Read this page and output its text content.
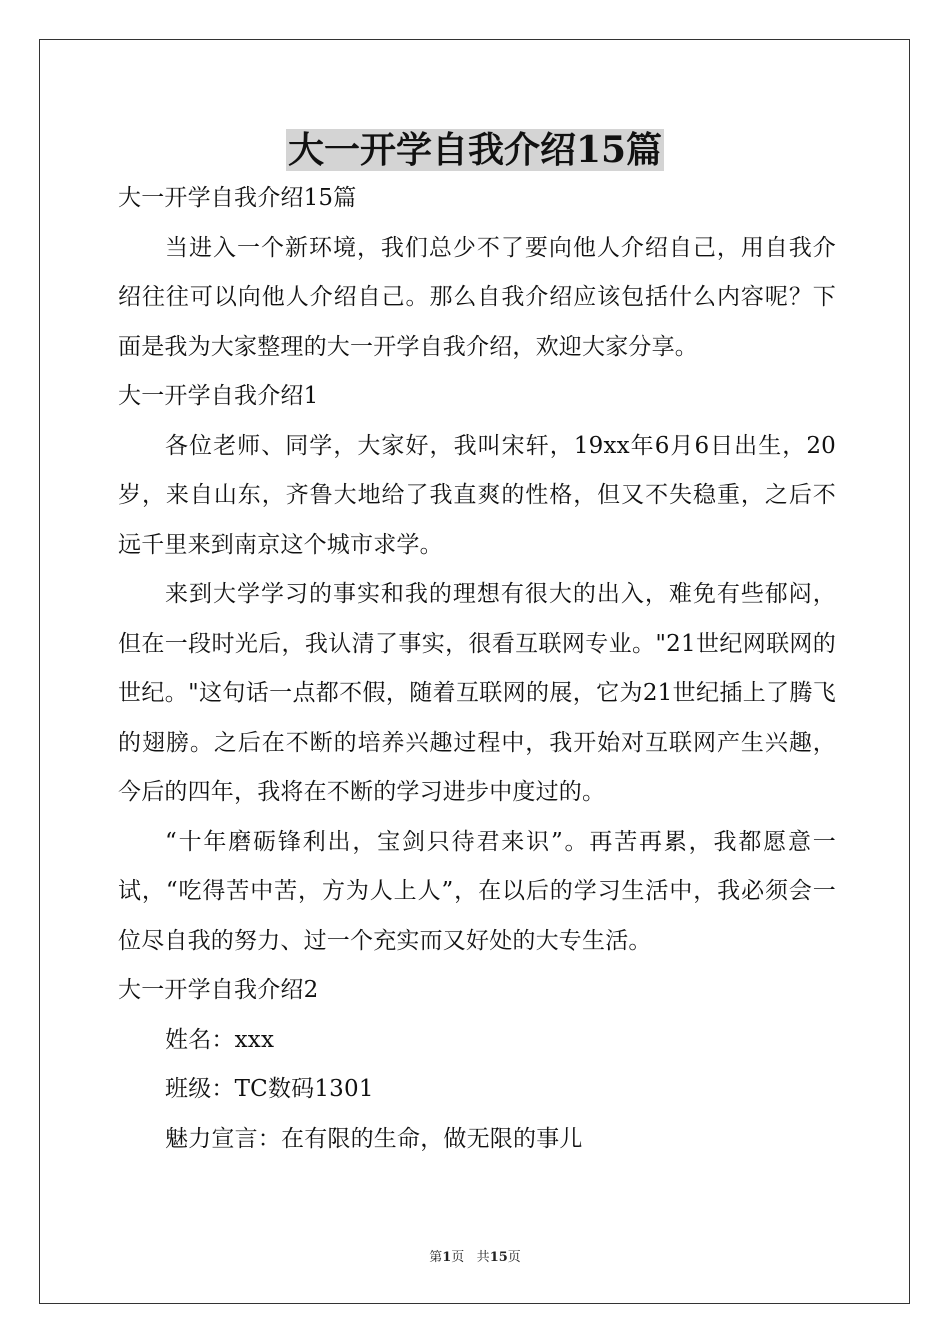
大一开学自我介绍15篇

大一开学自我介绍15篇

当进入一个新环境，我们总少不了要向他人介绍自己，用自我介绍往往可以向他人介绍自己。那么自我介绍应该包括什么内容呢？下面是我为大家整理的大一开学自我介绍，欢迎大家分享。

大一开学自我介绍1

各位老师、同学，大家好，我叫宋轩，19xx年6月6日出生，20岁，来自山东，齐鲁大地给了我直爽的性格，但又不失稳重，之后不远千里来到南京这个城市求学。

来到大学学习的事实和我的理想有很大的出入，难免有些郁闷，但在一段时光后，我认清了事实，很看互联网专业。"21世纪网联网的世纪。"这句话一点都不假，随着互联网的展，它为21世纪插上了腾飞的翅膀。之后在不断的培养兴趣过程中，我开始对互联网产生兴趣，今后的四年，我将在不断的学习进步中度过的。

“十年磨砺锋利出，宝剑只待君来识”。再苦再累，我都愿意一试，“吃得苦中苦，方为人上人”，在以后的学习生活中，我必须会一位尽自我的努力、过一个充实而又好处的大专生活。

大一开学自我介绍2

姓名：xxx

班级：TC数码1301

魅力宣言：在有限的生命，做无限的事儿

第1页 共15页
